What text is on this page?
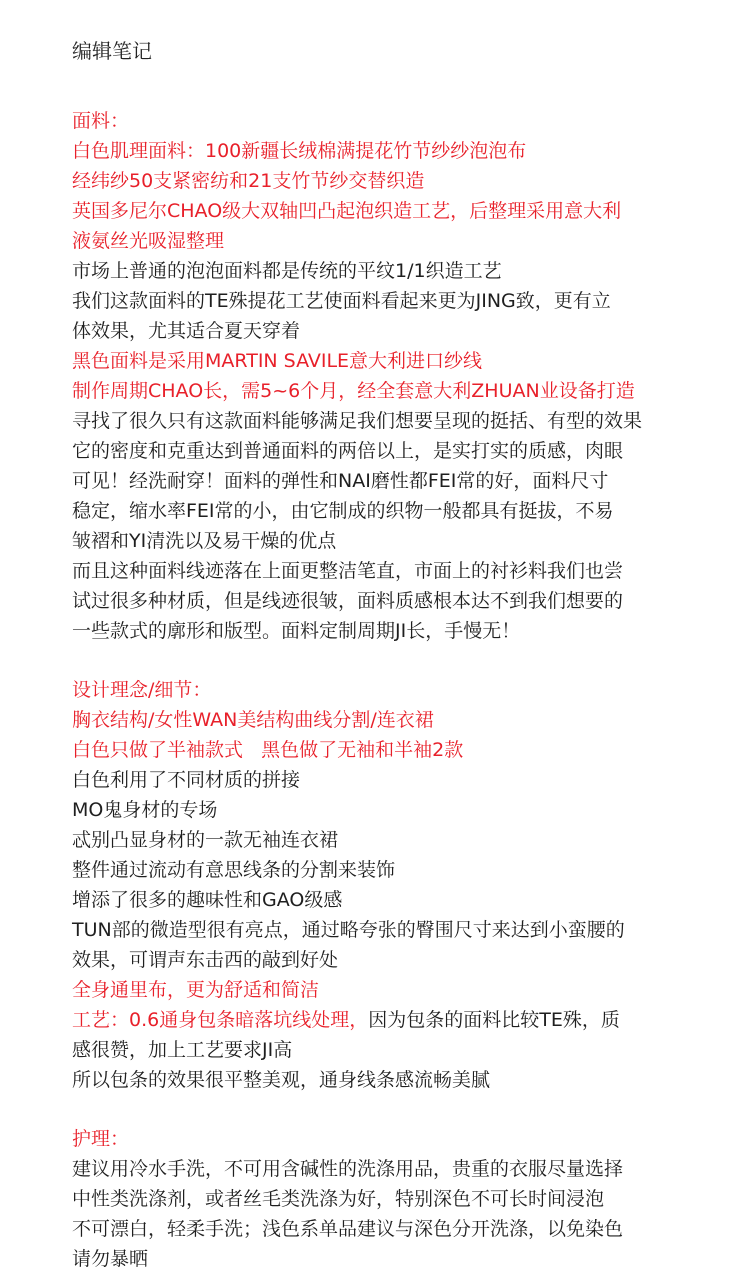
编辑笔记
面料：
白色肌理面料：100新疆长绒棉满提花竹节纱纱泡泡布
经纬纱50支紧密纺和21支竹节纱交替织造
英国多尼尔CHAO级大双轴凹凸起泡织造工艺，后整理采用意大利
液氨丝光吸湿整理
市场上普通的泡泡面料都是传统的平纹1/1织造工艺
我们这款面料的TE殊提花工艺使面料看起来更为JING致，更有立
体效果，尤其适合夏天穿着
黑色面料是采用MARTIN SAVILE意大利进口纱线
制作周期CHAO长，需5~6个月，经全套意大利ZHUAN业设备打造
寻找了很久只有这款面料能够满足我们想要呈现的挺括、有型的效果
它的密度和克重达到普通面料的两倍以上，是实打实的质感，肉眼
可见！经洗耐穿！面料的弹性和NAI磨性都FEI常的好，面料尺寸
稳定，缩水率FEI常的小，由它制成的织物一般都具有挺拔，不易
皱褶和YI清洗以及易干燥的优点
而且这种面料线迹落在上面更整洁笔直，市面上的衬衫料我们也尝
试过很多种材质，但是线迹很皱，面料质感根本达不到我们想要的
一些款式的廓形和版型。面料定制周期JI长，手慢无！
设计理念/细节：
胸衣结构/女性WAN美结构曲线分割/连衣裙
白色只做了半袖款式   黑色做了无袖和半袖2款
白色利用了不同材质的拼接
MO鬼身材的专场
忒别凸显身材的一款无袖连衣裙
整件通过流动有意思线条的分割来装饰
增添了很多的趣味性和GAO级感
TUN部的微造型很有亮点，通过略夸张的臀围尺寸来达到小蛮腰的
效果，可谓声东击西的敲到好处
全身通里布，更为舒适和简洁
工艺：0.6通身包条暗落坑线处理，因为包条的面料比较TE殊，质
感很赞，加上工艺要求JI高
所以包条的效果很平整美观，通身线条感流畅美腻
护理：
建议用冷水手洗，不可用含碱性的洗涤用品，贵重的衣服尽量选择
中性类洗涤剂，或者丝毛类洗涤为好，特别深色不可长时间浸泡
不可漂白，轻柔手洗；浅色系单品建议与深色分开洗涤，以免染色
请勿暴晒
